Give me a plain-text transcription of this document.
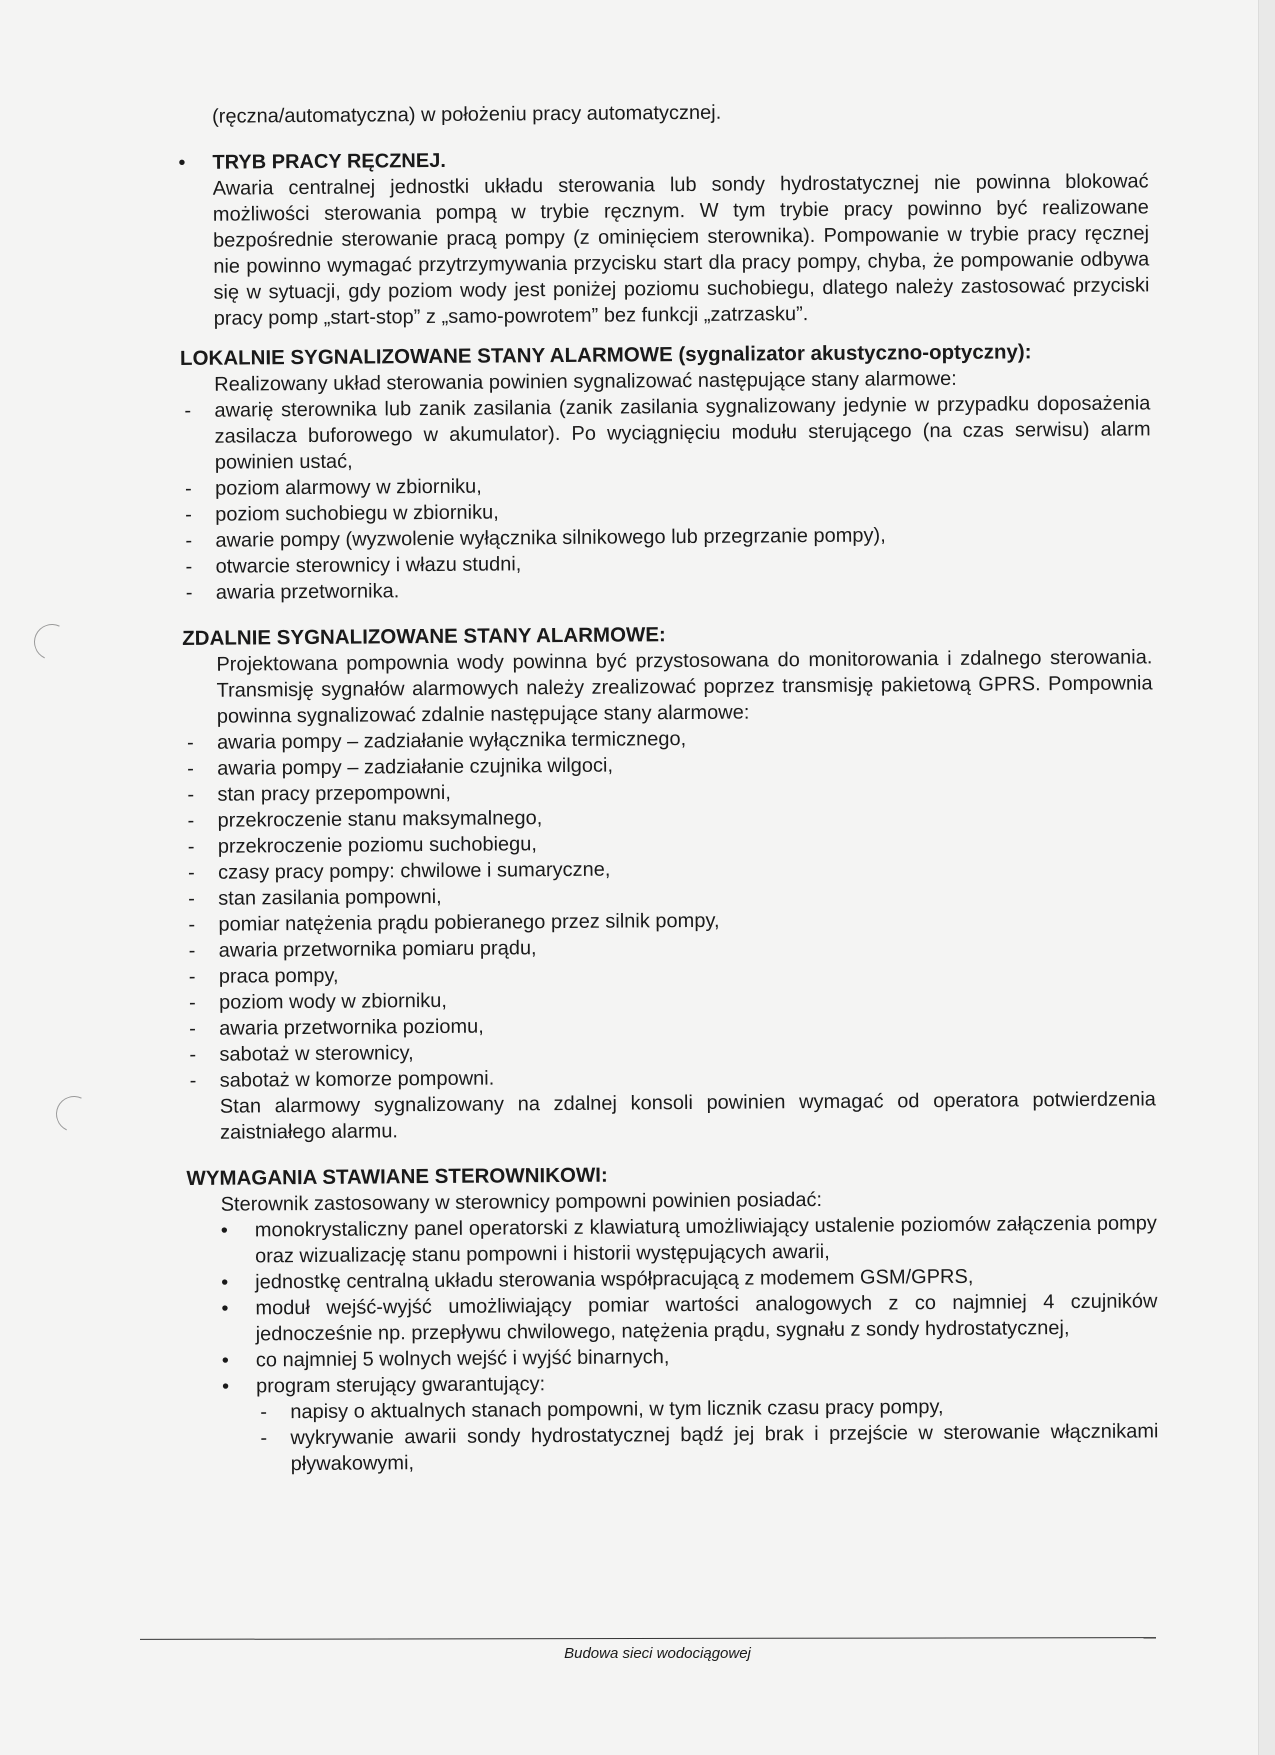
(ręczna/automatyczna) w położeniu pracy automatycznej.

• TRYB PRACY RĘCZNEJ.

Awaria centralnej jednostki układu sterowania lub sondy hydrostatycznej nie powinna blokować możliwości sterowania pompą w trybie ręcznym. W tym trybie pracy powinno być realizowane bezpośrednie sterowanie pracą pompy (z ominięciem sterownika). Pompowanie w trybie pracy ręcznej nie powinno wymagać przytrzymywania przycisku start dla pracy pompy, chyba, że pompowanie odbywa się w sytuacji, gdy poziom wody jest poniżej poziomu suchobiegu, dlatego należy zastosować przyciski pracy pomp „start-stop” z „samo-powrotem” bez funkcji „zatrzasku”.

LOKALNIE SYGNALIZOWANE STANY ALARMOWE (sygnalizator akustyczno-optyczny):

Realizowany układ sterowania powinien sygnalizować następujące stany alarmowe:

- awarię sterownika lub zanik zasilania (zanik zasilania sygnalizowany jedynie w przypadku doposażenia zasilacza buforowego w akumulator). Po wyciągnięciu modułu sterującego (na czas serwisu) alarm powinien ustać,

- poziom alarmowy w zbiorniku,

- poziom suchobiegu w zbiorniku,

- awarie pompy (wyzwolenie wyłącznika silnikowego lub przegrzanie pompy),

- otwarcie sterownicy i włazu studni,

- awaria przetwornika.

ZDALNIE SYGNALIZOWANE STANY ALARMOWE:

Projektowana pompownia wody powinna być przystosowana do monitorowania i zdalnego sterowania. Transmisję sygnałów alarmowych należy zrealizować poprzez transmisję pakietową GPRS. Pompownia powinna sygnalizować zdalnie następujące stany alarmowe:

- awaria pompy – zadziałanie wyłącznika termicznego,

- awaria pompy – zadziałanie czujnika wilgoci,

- stan pracy przepompowni,

- przekroczenie stanu maksymalnego,

- przekroczenie poziomu suchobiegu,

- czasy pracy pompy: chwilowe i sumaryczne,

- stan zasilania pompowni,

- pomiar natężenia prądu pobieranego przez silnik pompy,

- awaria przetwornika pomiaru prądu,

- praca pompy,

- poziom wody w zbiorniku,

- awaria przetwornika poziomu,

- sabotaż w sterownicy,

- sabotaż w komorze pompowni.

Stan alarmowy sygnalizowany na zdalnej konsoli powinien wymagać od operatora potwierdzenia zaistniałego alarmu.

WYMAGANIA STAWIANE STEROWNIKOWI:

Sterownik zastosowany w sterownicy pompowni powinien posiadać:

• monokrystaliczny panel operatorski z klawiaturą umożliwiający ustalenie poziomów załączenia pompy oraz wizualizację stanu pompowni i historii występujących awarii,

• jednostkę centralną układu sterowania współpracującą z modemem GSM/GPRS,

• moduł wejść-wyjść umożliwiający pomiar wartości analogowych z co najmniej 4 czujników jednocześnie np. przepływu chwilowego, natężenia prądu, sygnału z sondy hydrostatycznej,

• co najmniej 5 wolnych wejść i wyjść binarnych,

• program sterujący gwarantujący:

- napisy o aktualnych stanach pompowni, w tym licznik czasu pracy pompy,

- wykrywanie awarii sondy hydrostatycznej bądź jej brak i przejście w sterowanie włącznikami pływakowymi,

Budowa sieci wodociągowej
